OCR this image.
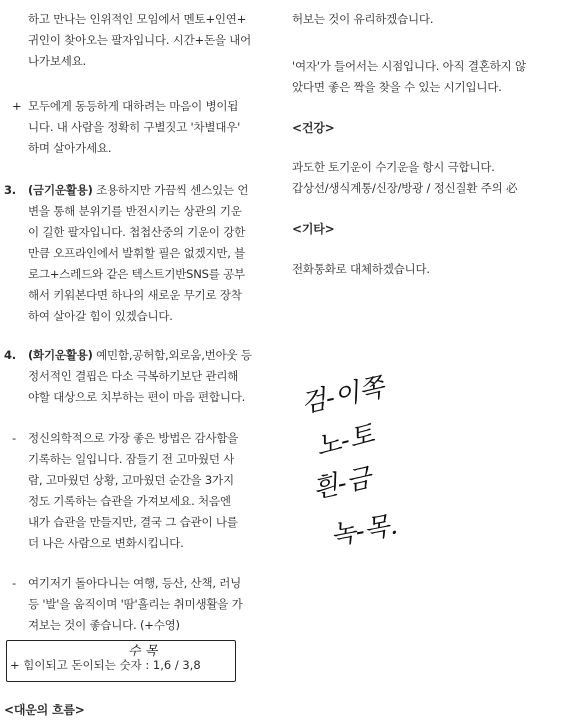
하고 만나는 인위적인 모임에서 멘토+인연+
귀인이 찾아오는 팔자입니다. 시간+돈을 내어
나가보세요.
+ 모두에게 동등하게 대하려는 마음이 병이됩
니다. 내 사람을 정확히 구별짓고 '차별대우'
하며 살아가세요.
3. (금기운활용) 조용하지만 가끔씩 센스있는 언
변을 통해 분위기를 반전시키는 상관의 기운
이 길한 팔자입니다. 첩첩산중의 기운이 강한
만큼 오프라인에서 발휘할 필은 없겠지만, 블
로그+스레드와 같은 텍스트기반SNS를 공부
해서 키워본다면 하나의 새로운 무기로 장착
하여 살아갈 힘이 있겠습니다.
4. (화기운활용) 예민함,공허함,외로움,번아웃 등
정서적인 결핍은 다소 극복하기보단 관리해
야할 대상으로 치부하는 편이 마음 편합니다.
- 정신의학적으로 가장 좋은 방법은 감사함을
기록하는 일입니다. 잠들기 전 고마웠던 사
람, 고마웠던 상황, 고마웠던 순간을 3가지
정도 기록하는 습관을 가져보세요. 처음엔
내가 습관을 만들지만, 결국 그 습관이 나를
더 나은 사람으로 변화시킵니다.
- 여기저기 돌아다니는 여행, 등산, 산책, 러닝
등 '발'을 움직이며 '땀'흘리는 취미생활을 가
져보는 것이 좋습니다. (+수영)
수 목
+ 힘이되고 돈이되는 숫자 : 1,6 / 3,8
<대운의 흐름>
허보는 것이 유리하겠습니다.
'여자'가 들어서는 시점입니다. 아직 결혼하지 않
았다면 좋은 짝을 찾을 수 있는 시기입니다.
<건강>
과도한 토기운이 수기운을 항시 극합니다.
갑상선/생식계통/신장/방광 / 정신질환 주의 必
<기타>
전화통화로 대체하겠습니다.
검-이쪽
노-토
흰-금
녹-목.
